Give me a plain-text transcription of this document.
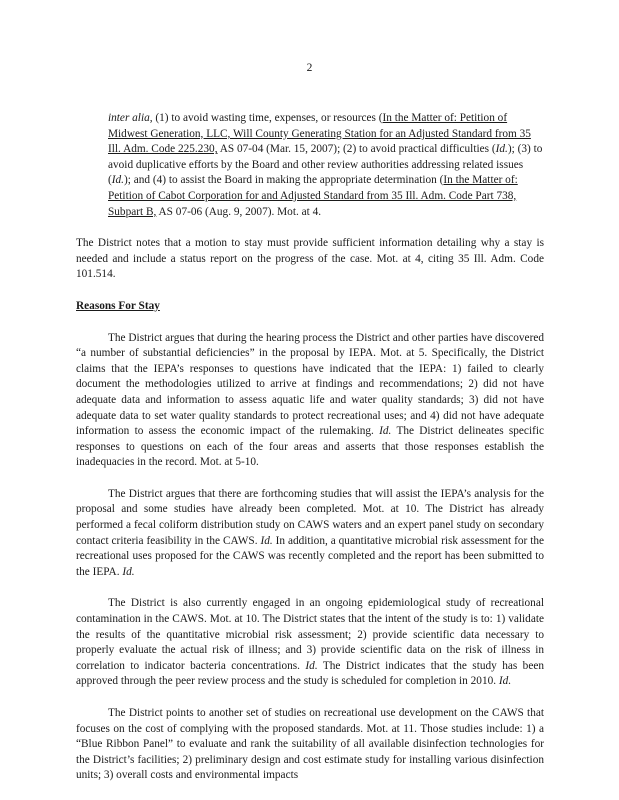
2

inter alia, (1) to avoid wasting time, expenses, or resources (In the Matter of: Petition of Midwest Generation, LLC, Will County Generating Station for an Adjusted Standard from 35 Ill. Adm. Code 225.230, AS 07-04 (Mar. 15, 2007); (2) to avoid practical difficulties (Id.); (3) to avoid duplicative efforts by the Board and other review authorities addressing related issues (Id.); and (4) to assist the Board in making the appropriate determination (In the Matter of: Petition of Cabot Corporation for and Adjusted Standard from 35 Ill. Adm. Code Part 738, Subpart B, AS 07-06 (Aug. 9, 2007). Mot. at 4.

The District notes that a motion to stay must provide sufficient information detailing why a stay is needed and include a status report on the progress of the case. Mot. at 4, citing 35 Ill. Adm. Code 101.514.

Reasons For Stay

The District argues that during the hearing process the District and other parties have discovered “a number of substantial deficiencies” in the proposal by IEPA. Mot. at 5. Specifically, the District claims that the IEPA’s responses to questions have indicated that the IEPA: 1) failed to clearly document the methodologies utilized to arrive at findings and recommendations; 2) did not have adequate data and information to assess aquatic life and water quality standards; 3) did not have adequate data to set water quality standards to protect recreational uses; and 4) did not have adequate information to assess the economic impact of the rulemaking. Id. The District delineates specific responses to questions on each of the four areas and asserts that those responses establish the inadequacies in the record. Mot. at 5-10.

The District argues that there are forthcoming studies that will assist the IEPA’s analysis for the proposal and some studies have already been completed. Mot. at 10. The District has already performed a fecal coliform distribution study on CAWS waters and an expert panel study on secondary contact criteria feasibility in the CAWS. Id. In addition, a quantitative microbial risk assessment for the recreational uses proposed for the CAWS was recently completed and the report has been submitted to the IEPA. Id.

The District is also currently engaged in an ongoing epidemiological study of recreational contamination in the CAWS. Mot. at 10. The District states that the intent of the study is to: 1) validate the results of the quantitative microbial risk assessment; 2) provide scientific data necessary to properly evaluate the actual risk of illness; and 3) provide scientific data on the risk of illness in correlation to indicator bacteria concentrations. Id. The District indicates that the study has been approved through the peer review process and the study is scheduled for completion in 2010. Id.

The District points to another set of studies on recreational use development on the CAWS that focuses on the cost of complying with the proposed standards. Mot. at 11. Those studies include: 1) a “Blue Ribbon Panel” to evaluate and rank the suitability of all available disinfection technologies for the District’s facilities; 2) preliminary design and cost estimate study for installing various disinfection units; 3) overall costs and environmental impacts
